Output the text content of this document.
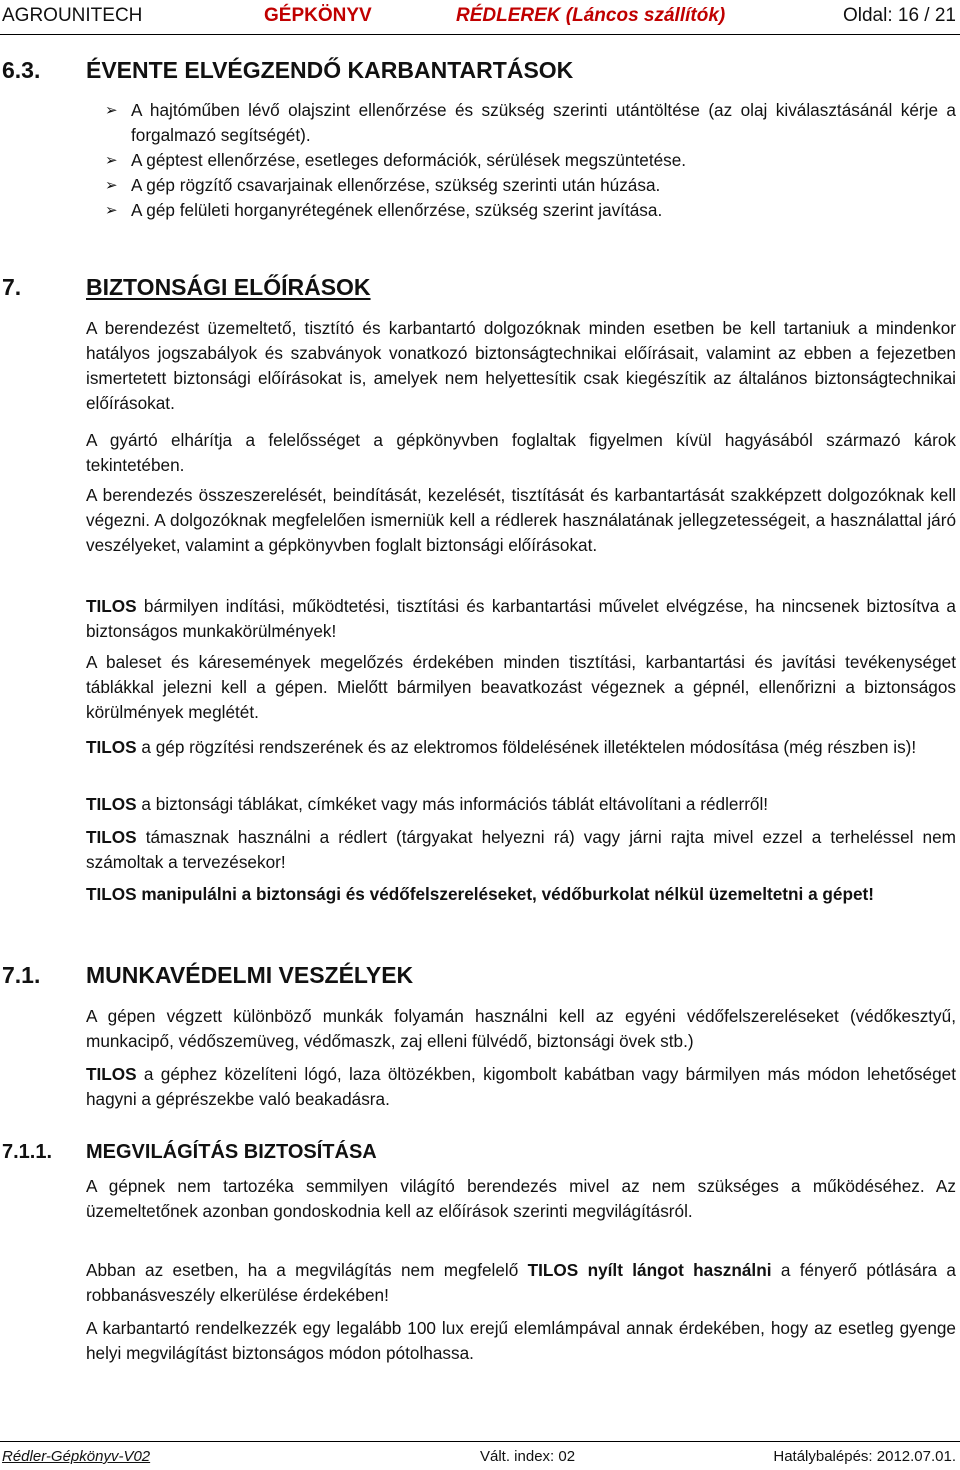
AGROUNITECH	GÉPKÖNYV	RÉDLEREK (Láncos szállítók)	Oldal: 16 / 21
6.3. ÉVENTE ELVÉGZENDŐ KARBANTARTÁSOK
➢ A hajtóműben lévő olajszint ellenőrzése és szükség szerinti utántöltése (az olaj kiválasztásánál kérje a forgalmazó segítségét).
➢ A géptest ellenőrzése, esetleges deformációk, sérülések megszüntetése.
➢ A gép rögzítő csavarjainak ellenőrzése, szükség szerinti után húzása.
➢ A gép felületi horganyrétegének ellenőrzése, szükség szerint javítása.
7.	BIZTONSÁGI ELŐÍRÁSOK

A berendezést üzemeltető, tisztító és karbantartó dolgozóknak minden esetben be kell tartaniuk a mindenkor hatályos jogszabályok és szabványok vonatkozó biztonságtechnikai előírásait, valamint az ebben a fejezetben ismertetett biztonsági előírásokat is, amelyek nem helyettesítik csak kiegészítik az általános biztonságtechnikai előírásokat.

A gyártó elhárítja a felelősséget a gépkönyvben foglaltak figyelmen kívül hagyásából származó károk tekintetében.

A berendezés összeszerelését, beindítását, kezelését, tisztítását és karbantartását szakképzett dolgozóknak kell végezni. A dolgozóknak megfelelően ismerniük kell a rédlerek használatának jellegzetességeit, a használattal járó veszélyeket, valamint a gépkönyvben foglalt biztonsági előírásokat.

TILOS bármilyen indítási, működtetési, tisztítási és karbantartási művelet elvégzése, ha nincsenek biztosítva a biztonságos munkakörülmények!

A baleset és káresemények megelőzés érdekében minden tisztítási, karbantartási és javítási tevékenységet táblákkal jelezni kell a gépen. Mielőtt bármilyen beavatkozást végeznek a gépnél, ellenőrizni a biztonságos körülmények meglétét.

TILOS a gép rögzítési rendszerének és az elektromos földelésének illetéktelen módosítása (még részben is)!

TILOS a biztonsági táblákat, címkéket vagy más információs táblát eltávolítani a rédlerről!

TILOS támasznak használni a rédlert (tárgyakat helyezni rá) vagy járni rajta mivel ezzel a terheléssel nem számoltak a tervezésekor!

TILOS manipulálni a biztonsági és védőfelszereléseket, védőburkolat nélkül üzemeltetni a gépet!

7.1. MUNKAVÉDELMI VESZÉLYEK

A gépen végzett különböző munkák folyamán használni kell az egyéni védőfelszereléseket (védőkesztyű, munkacipő, védőszemüveg, védőmaszk, zaj elleni fülvédő, biztonsági övek stb.)

TILOS a géphez közelíteni lógó, laza öltözékben, kigombolt kabátban vagy bármilyen más módon lehetőséget hagyni a géprészekbe való beakadásra.

7.1.1. MEGVILÁGÍTÁS BIZTOSÍTÁSA

A gépnek nem tartozéka semmilyen világító berendezés mivel az nem szükséges a működéséhez. Az üzemeltetőnek azonban gondoskodnia kell az előírások szerinti megvilágításról.

Abban az esetben, ha a megvilágítás nem megfelelő TILOS nyílt lángot használni a fényerő pótlására a robbanásveszély elkerülése érdekében!

A karbantartó rendelkezzék egy legalább 100 lux erejű elemlámpával annak érdekében, hogy az esetleg gyenge helyi megvilágítást biztonságos módon pótolhassa.

Rédler-Gépkönyv-V02	Vált. index: 02	Hatálybalépés: 2012.07.01.
